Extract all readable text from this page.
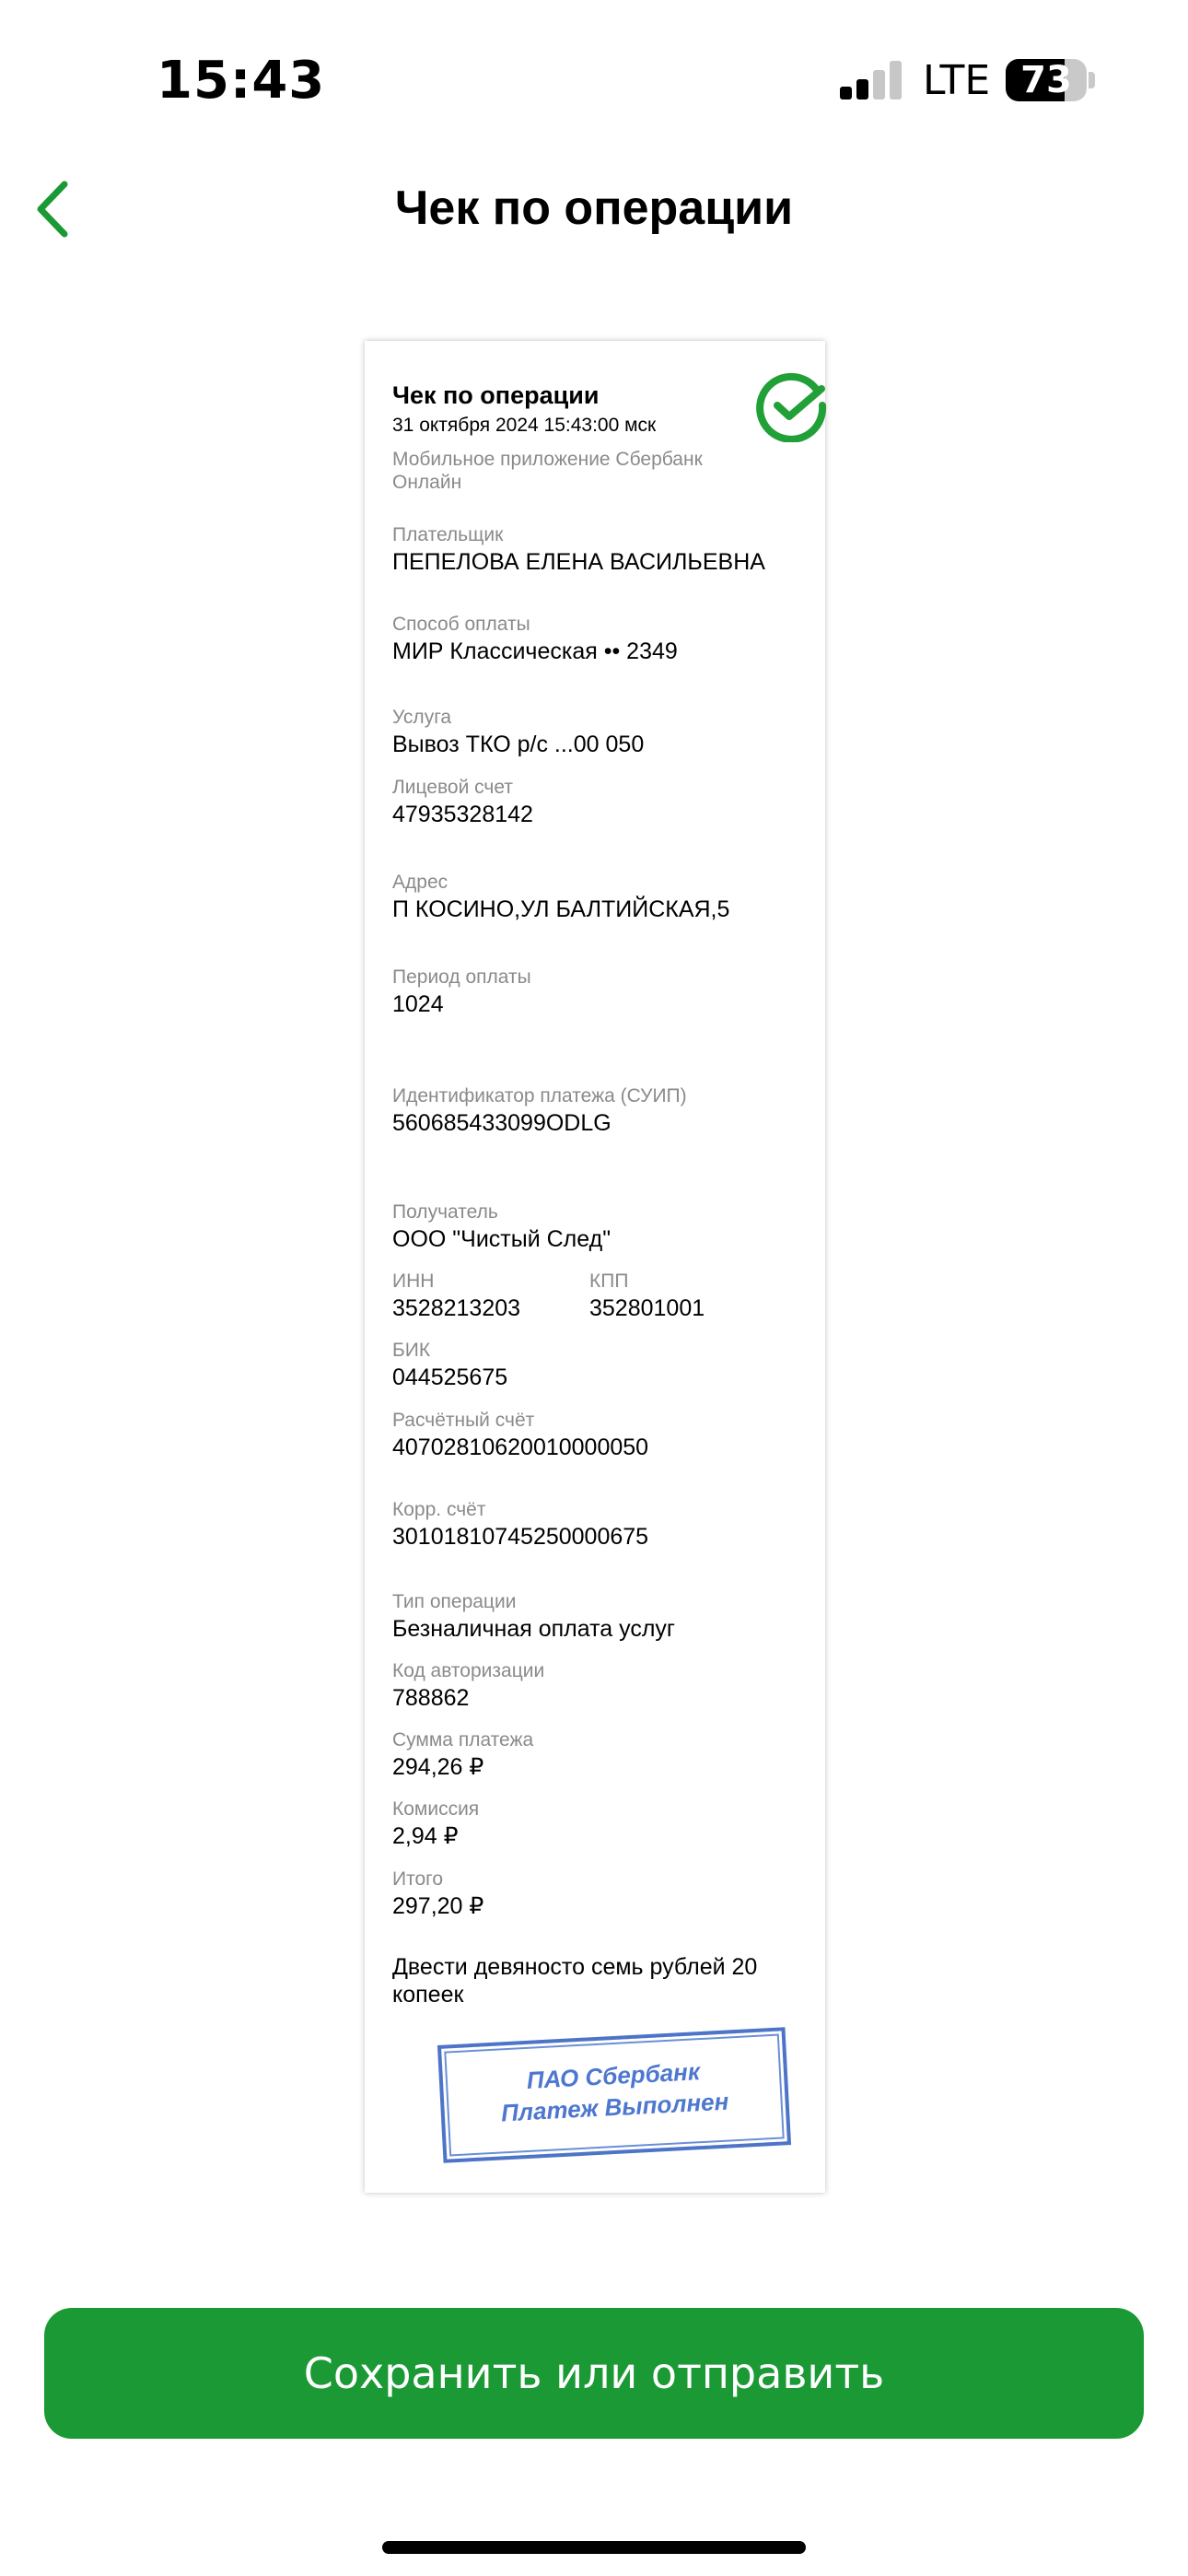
15:43	LTE 73
Чек по операции
Чек по операции
31 октября 2024 15:43:00 мск
Мобильное приложение Сбербанк Онлайн
Плательщик
ПЕПЕЛОВА ЕЛЕНА ВАСИЛЬЕВНА
Способ оплаты
МИР Классическая •• 2349
Услуга
Вывоз ТКО р/с ...00 050
Лицевой счет
47935328142
Адрес
П КОСИНО,УЛ БАЛТИЙСКАЯ,5
Период оплаты
1024
Идентификатор платежа (СУИП)
560685433099ODLG
Получатель
ООО "Чистый След"
ИНН
3528213203
КПП
352801001
БИК
044525675
Расчётный счёт
40702810620010000050
Корр. счёт
30101810745250000675
Тип операции
Безналичная оплата услуг
Код авторизации
788862
Сумма платежа
294,26 ₽
Комиссия
2,94 ₽
Итого
297,20 ₽
Двести девяносто семь рублей 20 копеек
ПАО Сбербанк
Платеж Выполнен
Сохранить или отправить
